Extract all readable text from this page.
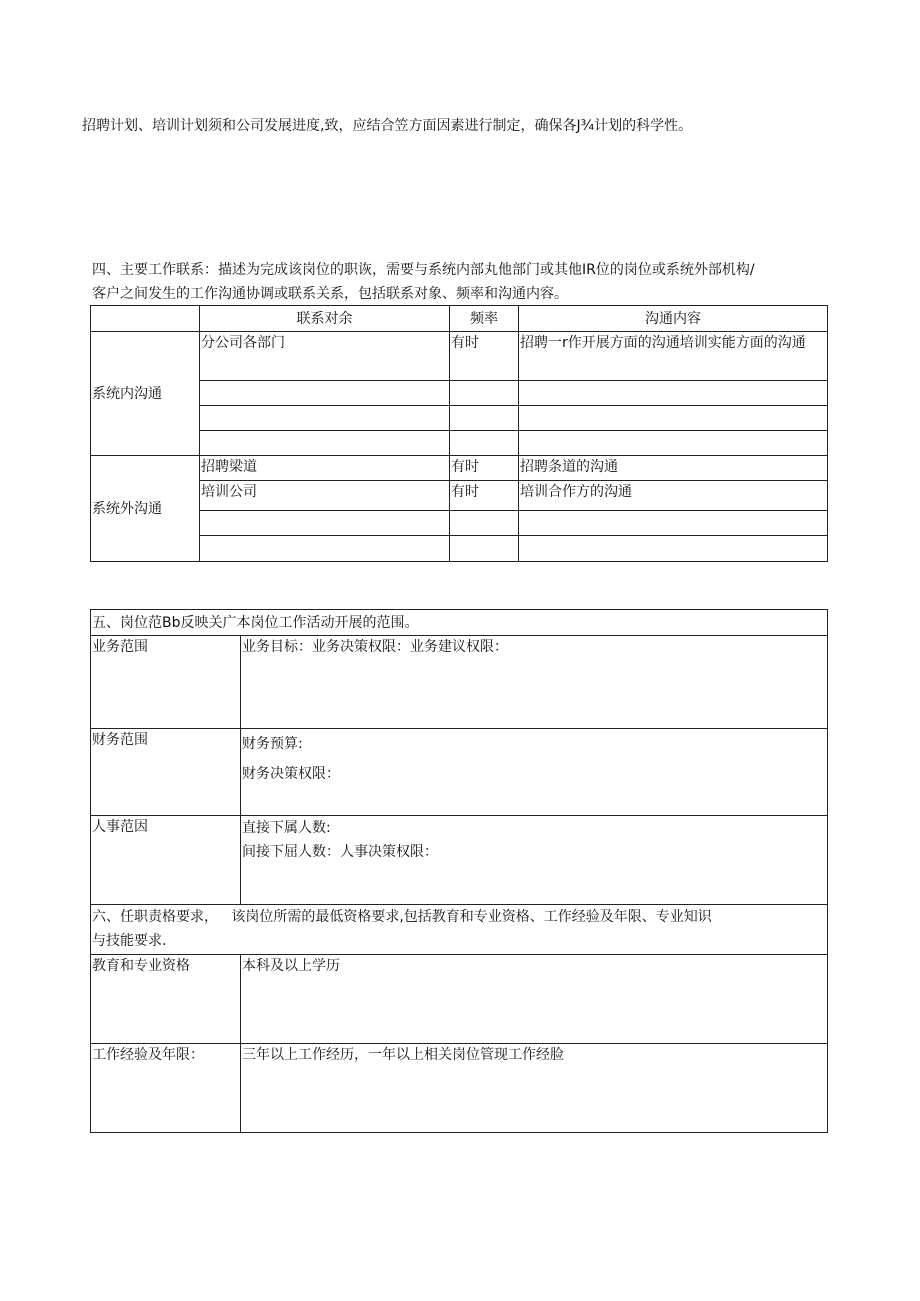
招聘计划、培训计划须和公司发展进度,致，应结合笠方面因素进行制定，确保各J¾计划的科学性。
四、主要工作联系：描述为完成该岗位的职诙，需要与系统内部丸他部门或其他IR位的岗位或系统外部机构/
客户之间发生的工作沟通协调或联系关系，包括联系对象、频率和沟通内容。
	联系对余	频率	沟通内容
系统内沟通	分公司各部门	有时	招聘一r作开展方面的沟通培训实能方面的沟通

系统外沟通	招聘梁道	有时	招聘条道的沟通
	培训公司	有时	培训合作方的沟通

五、岗位范Bb反映关广本岗位工作活动开展的范围。	
业务范围	业务目标：业务决策权限：业务建议权限：
财务范围	财务预算:
财务决策权限：

人事范因	直接下属人数:
间接下屈人数：人事决策权限：

六、任职责格要求，   该岗位所需的最低资格要求,包括教育和专业资格、工作经验及年限、专业知识
与技能要求.	

教育和专业资格	本科及以上学历
工作经验及年限：	三年以上工作经历，一年以上相关岗位管现工作经脸
